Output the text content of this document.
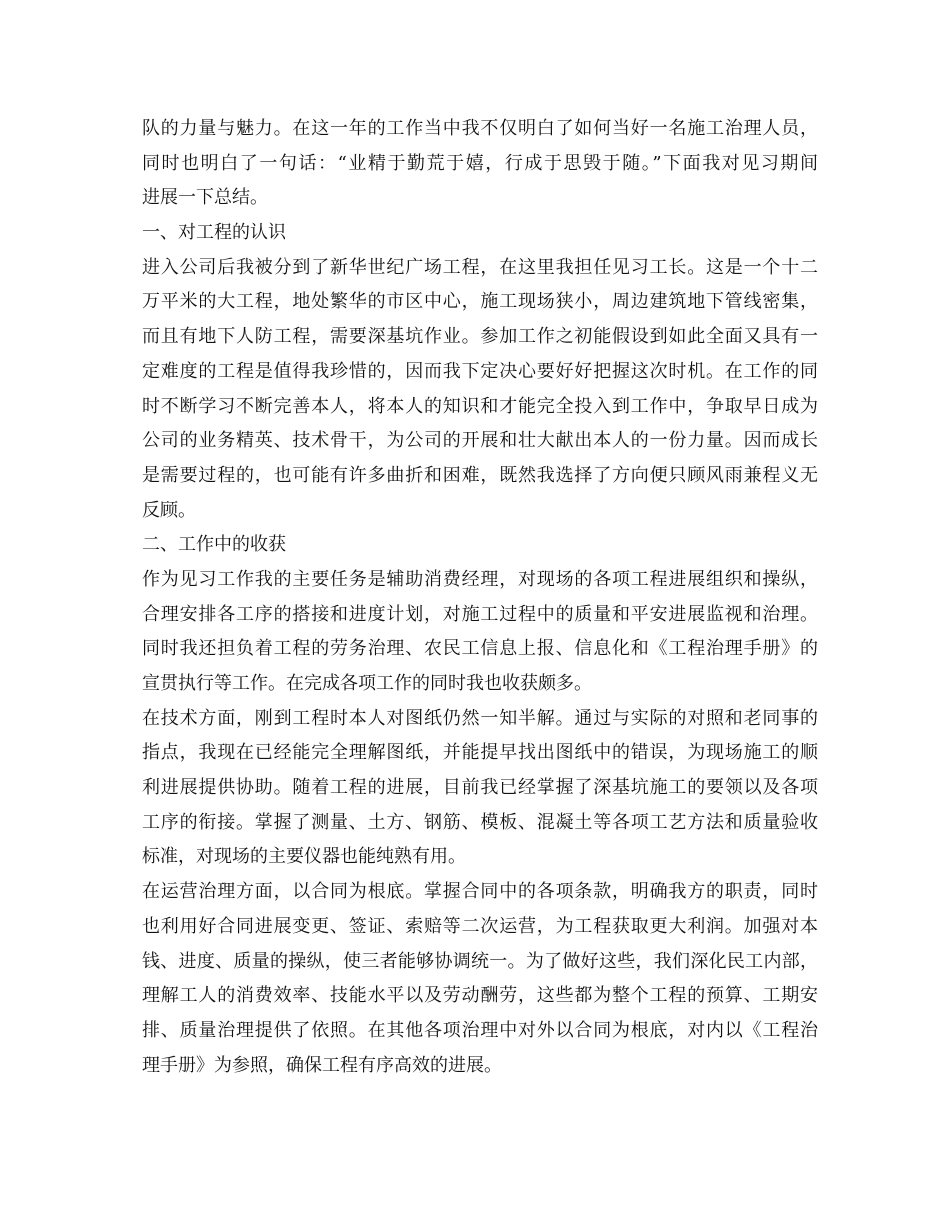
队的力量与魅力。在这一年的工作当中我不仅明白了如何当好一名施工治理人员，
同时也明白了一句话：“业精于勤荒于嬉，行成于思毁于随。”下面我对见习期间
进展一下总结。
一、对工程的认识
进入公司后我被分到了新华世纪广场工程，在这里我担任见习工长。这是一个十二
万平米的大工程，地处繁华的市区中心，施工现场狭小，周边建筑地下管线密集，
而且有地下人防工程，需要深基坑作业。参加工作之初能假设到如此全面又具有一
定难度的工程是值得我珍惜的，因而我下定决心要好好把握这次时机。在工作的同
时不断学习不断完善本人，将本人的知识和才能完全投入到工作中，争取早日成为
公司的业务精英、技术骨干，为公司的开展和壮大献出本人的一份力量。因而成长
是需要过程的，也可能有许多曲折和困难，既然我选择了方向便只顾风雨兼程义无
反顾。
二、工作中的收获
作为见习工作我的主要任务是辅助消费经理，对现场的各项工程进展组织和操纵，
合理安排各工序的搭接和进度计划，对施工过程中的质量和平安进展监视和治理。
同时我还担负着工程的劳务治理、农民工信息上报、信息化和《工程治理手册》的
宣贯执行等工作。在完成各项工作的同时我也收获颇多。
在技术方面，刚到工程时本人对图纸仍然一知半解。通过与实际的对照和老同事的
指点，我现在已经能完全理解图纸，并能提早找出图纸中的错误，为现场施工的顺
利进展提供协助。随着工程的进展，目前我已经掌握了深基坑施工的要领以及各项
工序的衔接。掌握了测量、土方、钢筋、模板、混凝土等各项工艺方法和质量验收
标准，对现场的主要仪器也能纯熟有用。
在运营治理方面，以合同为根底。掌握合同中的各项条款，明确我方的职责，同时
也利用好合同进展变更、签证、索赔等二次运营，为工程获取更大利润。加强对本
钱、进度、质量的操纵，使三者能够协调统一。为了做好这些，我们深化民工内部，
理解工人的消费效率、技能水平以及劳动酬劳，这些都为整个工程的预算、工期安
排、质量治理提供了依照。在其他各项治理中对外以合同为根底，对内以《工程治
理手册》为参照，确保工程有序高效的进展。
